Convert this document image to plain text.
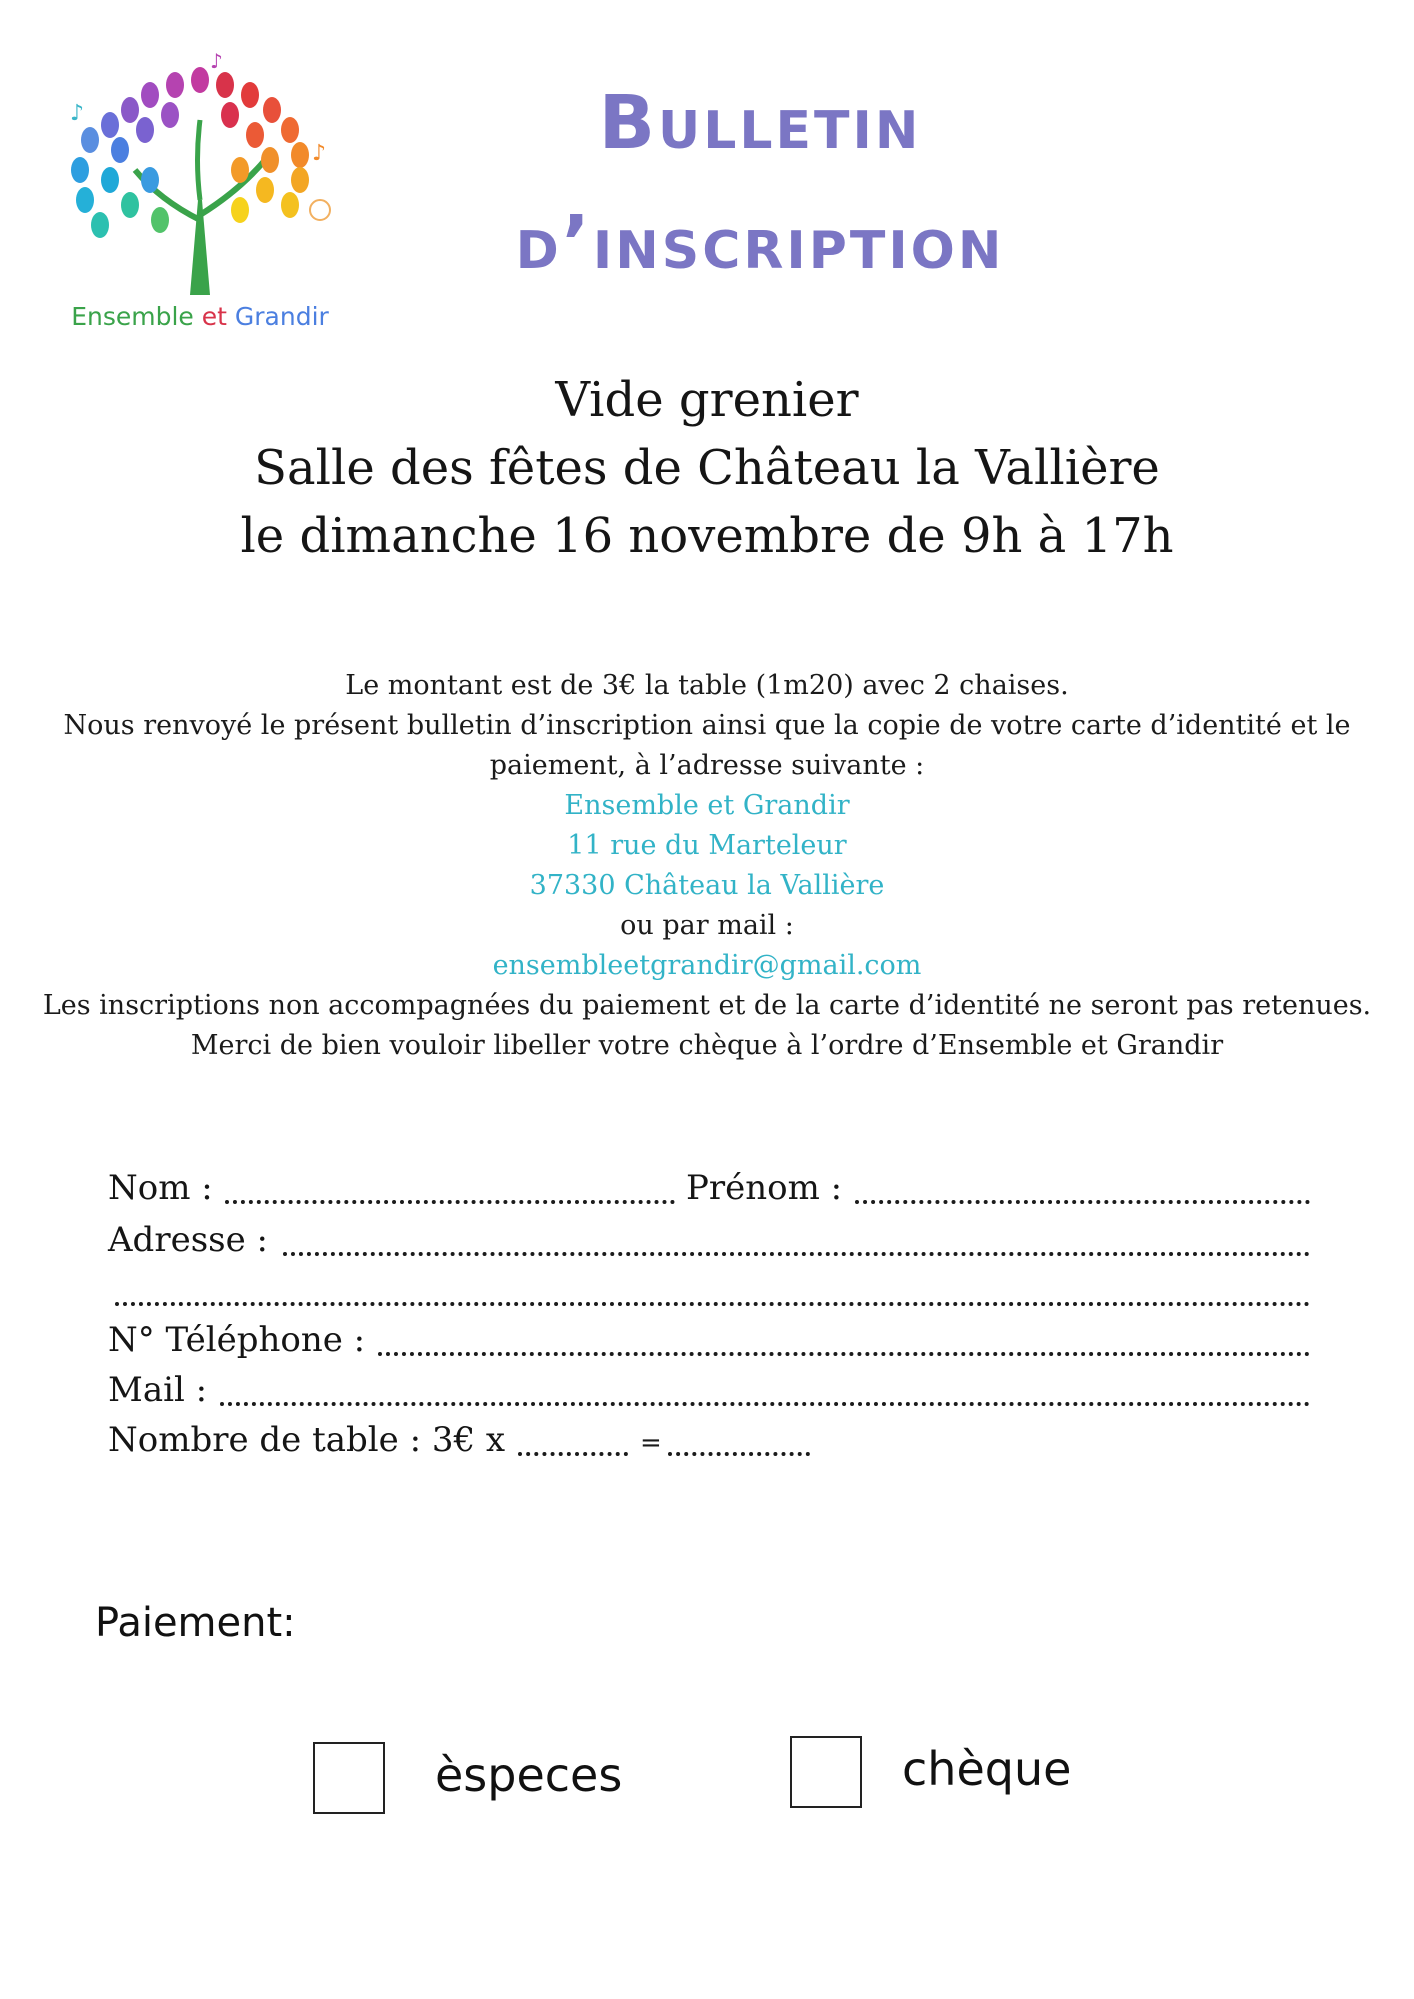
♪
♪
♪
Ensemble et Grandir
Bulletin
d’inscription
Vide grenier
Salle des fêtes de Château la Vallière
le dimanche 16 novembre de 9h à 17h
Le montant est de 3€ la table (1m20) avec 2 chaises.
Nous renvoyé le présent bulletin d’inscription ainsi que la copie de votre carte d’identité et le
paiement, à l’adresse suivante :
Ensemble et Grandir
11 rue du Marteleur
37330 Château la Vallière
ou par mail :
ensembleetgrandir@gmail.com
Les inscriptions non accompagnées du paiement et de la carte d’identité ne seront pas retenues.
Merci de bien vouloir libeller votre chèque à l’ordre d’Ensemble et Grandir
Nom :	Prénom :
Adresse :
N° Téléphone :
Mail :
Nombre de table : 3€ x	=
Paiement:
èspeces	chèque
